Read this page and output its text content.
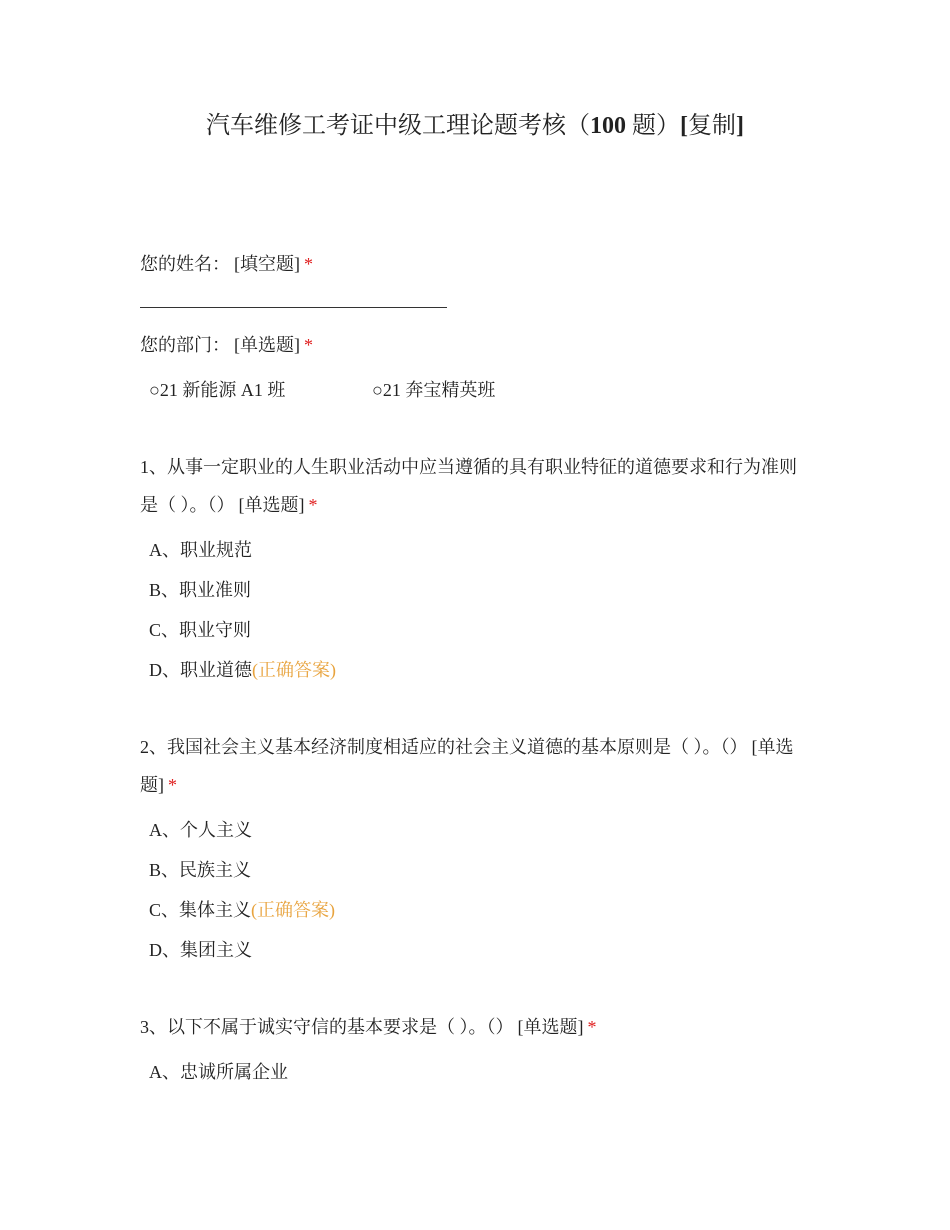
汽车维修工考证中级工理论题考核（100 题）[复制]

您的姓名： [填空题] *

您的部门： [单选题] *

○21 新能源 A1 班	○21 奔宝精英班

1、从事一定职业的人生职业活动中应当遵循的具有职业特征的道德要求和行为准则是（ ）。（） [单选题] *

A、职业规范
B、职业准则
C、职业守则
D、职业道德(正确答案)

2、我国社会主义基本经济制度相适应的社会主义道德的基本原则是（ ）。（） [单选题] *

A、个人主义
B、民族主义
C、集体主义(正确答案)
D、集团主义

3、以下不属于诚实守信的基本要求是（ ）。（） [单选题] *

A、忠诚所属企业
